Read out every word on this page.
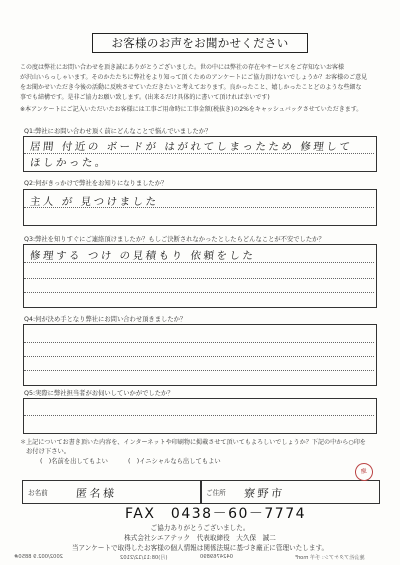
お客様のお声をお聞かせください
この度は弊社にお問い合わせを頂き誠にありがとうございました。世の中には弊社の存在やサービスをご存知ないお客様
が沢山いらっしゃいます。そのかたたちに弊社をより知って頂くためのアンケートにご協力頂けないでしょうか？お客様のご意見
をお聞かせいただき今後の活動に反映させていただきたいと考えております。良かったこと、嬉しかったことどのような些細な
事でも結構です。是非ご協力お願い致します。(出来るだけ具体的に書いて頂ければ幸いです)
※本アンケートにご記入いただいたお客様には工事ご用命時に工事金額(税抜き)の2%をキャッシュバックさせていただきます。
Q1:弊社にお問い合わせ頂く前にどんなことで悩んでいましたか？
居間 付近の ボードが はがれてしまったため 修理して
ほしかった。
Q2:何がきっかけで弊社をお知りになりましたか？
主人 が 見つけました
Q3:弊社を知りすぐにご連絡頂けましたか？もしご決断されなかったとしたらどんなことが不安でしたか？
修理する つけ の見積もり 依頼をした
Q4:何が決め手となり弊社にお問い合わせ頂きましたか？
Q5:実際に弊社担当者がお伺いしていかがでしたか？
＊上記についてお書き頂いた内容を、インターネットや印刷物に掲載させて頂いてもよろしいでしょうか？下記の中から○印を
お付け下さい。
(　)名前を出してもよい	(　)イニシャルなら出してもよい
お名前 匿名様	ご住所 寮野市
FAX　0438－60－7774
慶
ご協力ありがとうございました。
株式会社シエアテック　代表取締役　大久保　誠二
当アンケートで取得したお客様の個人情報は関係法規に基づき厳正に管理いたします。
2002/002.9 8850#	(月)08:11/12/2102	0424769890	施会社アタケアシ: 手羊 morF
